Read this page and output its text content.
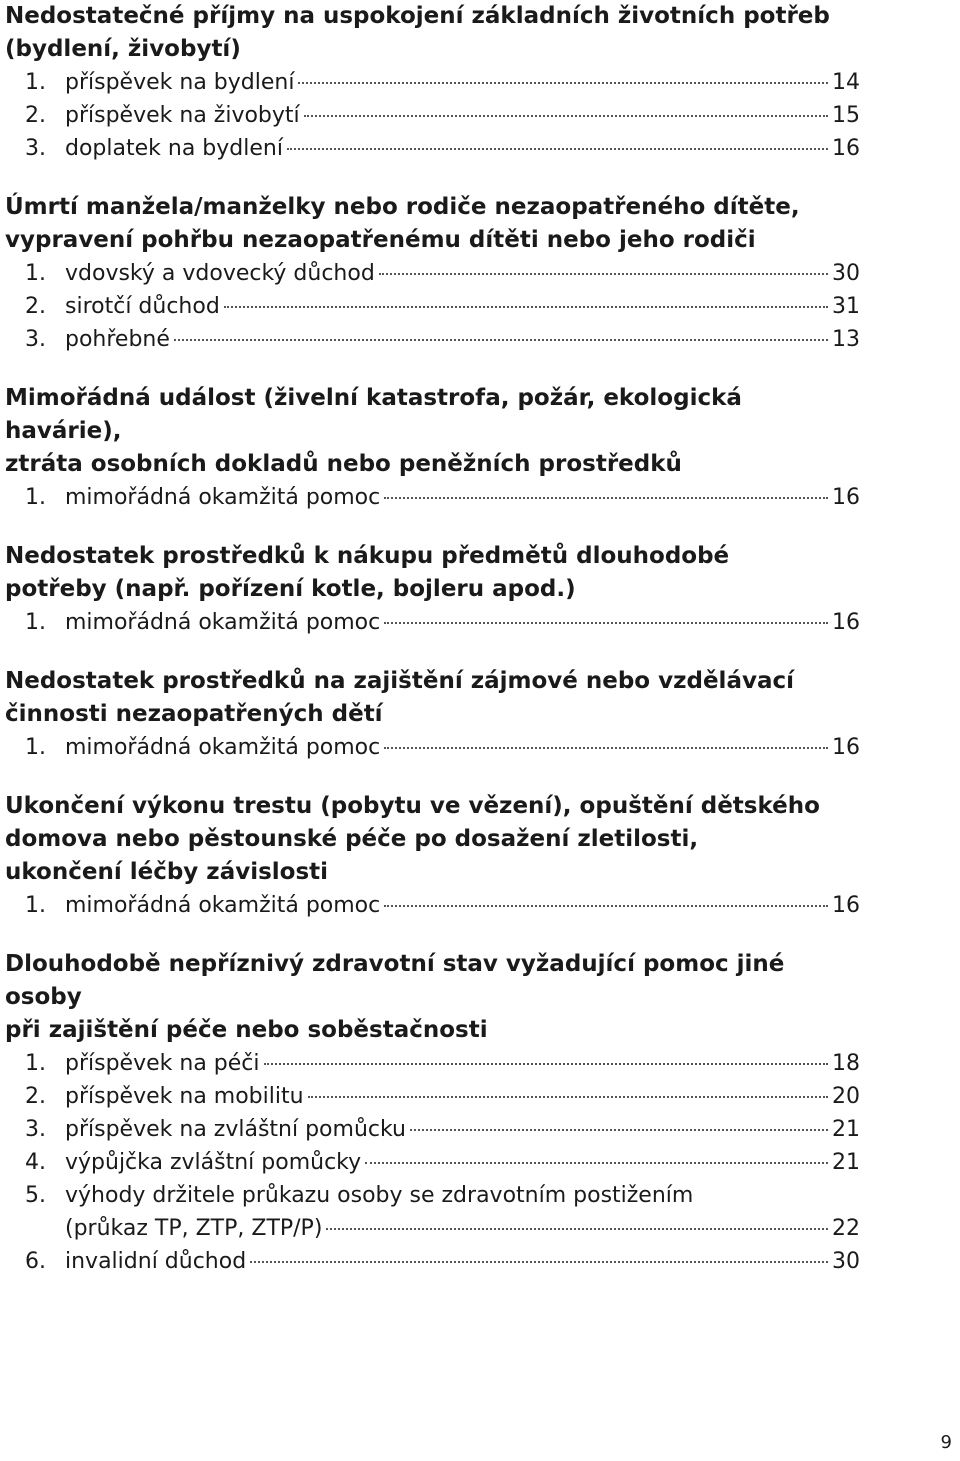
Nedostatečné příjmy na uspokojení základních životních potřeb
(bydlení, živobytí)
1. příspěvek na bydlení	14
2. příspěvek na živobytí	15
3. doplatek na bydlení	16
Úmrtí manžela/manželky nebo rodiče nezaopatřeného dítěte,
vypravení pohřbu nezaopatřenému dítěti nebo jeho rodiči
1. vdovský a vdovecký důchod	30
2. sirotčí důchod	31
3. pohřebné	13
Mimořádná událost (živelní katastrofa, požár, ekologická havárie),
ztráta osobních dokladů nebo peněžních prostředků
1. mimořádná okamžitá pomoc	16
Nedostatek prostředků k nákupu předmětů dlouhodobé
potřeby (např. pořízení kotle, bojleru apod.)
1. mimořádná okamžitá pomoc	16
Nedostatek prostředků na zajištění zájmové nebo vzdělávací
činnosti nezaopatřených dětí
1. mimořádná okamžitá pomoc	16
Ukončení výkonu trestu (pobytu ve vězení), opuštění dětského
domova nebo pěstounské péče po dosažení zletilosti,
ukončení léčby závislosti
1. mimořádná okamžitá pomoc	16
Dlouhodobě nepříznivý zdravotní stav vyžadující pomoc jiné osoby
při zajištění péče nebo soběstačnosti
1. příspěvek na péči	18
2. příspěvek na mobilitu	20
3. příspěvek na zvláštní pomůcku	21
4. výpůjčka zvláštní pomůcky	21
5. výhody držitele průkazu osoby se zdravotním postižením
(průkaz TP, ZTP, ZTP/P)	22
6. invalidní důchod	30
9
